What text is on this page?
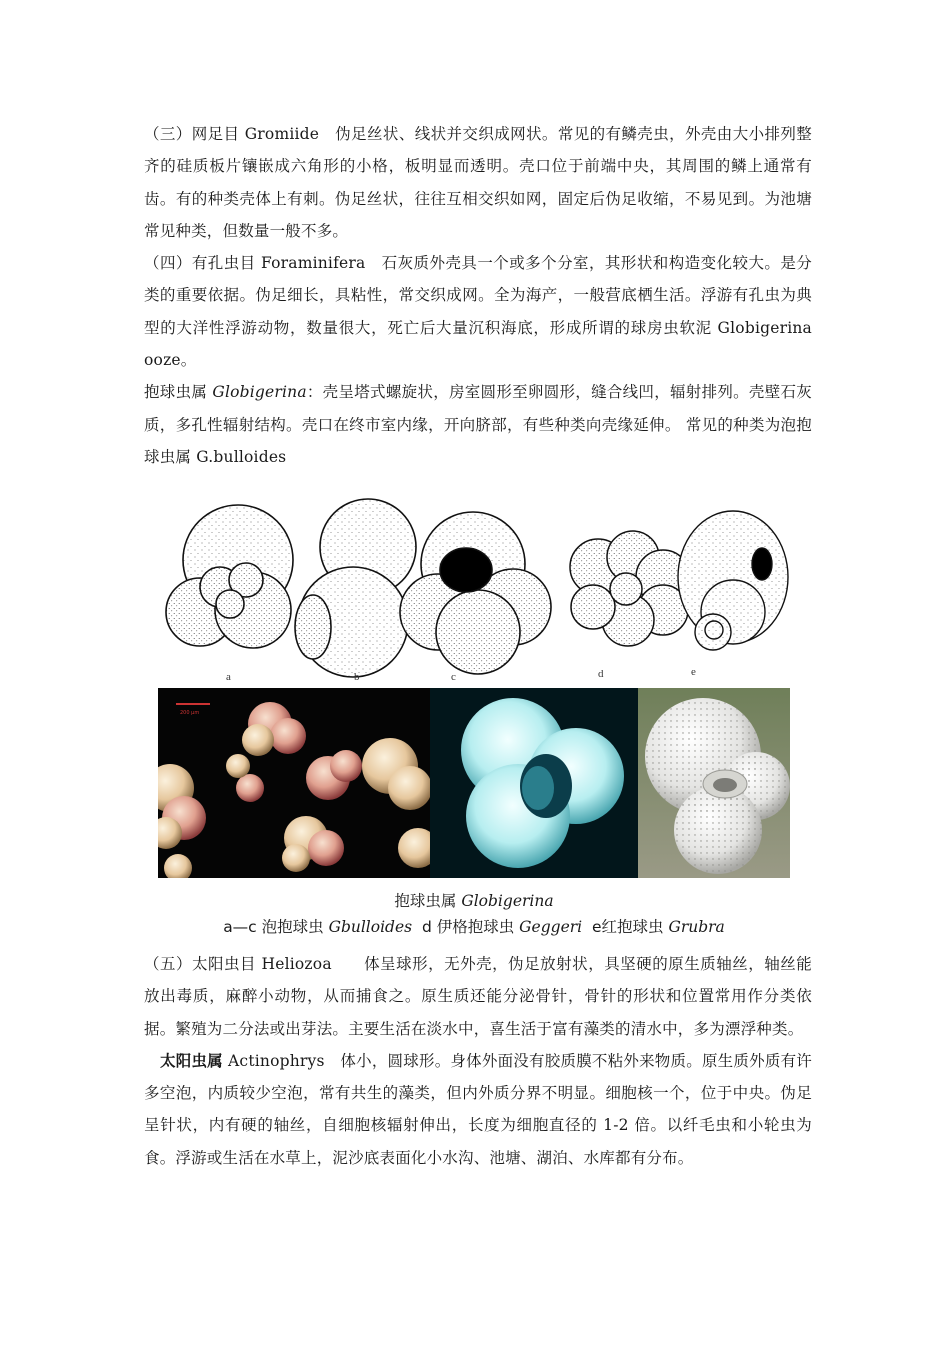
（三）网足目 Gromiide　伪足丝状、线状并交织成网状。常见的有鳞壳虫，外壳由大小排列整齐的硅质板片镶嵌成六角形的小格，板明显而透明。壳口位于前端中央，其周围的鳞上通常有齿。有的种类壳体上有刺。伪足丝状，往往互相交织如网，固定后伪足收缩，不易见到。为池塘常见种类，但数量一般不多。

（四）有孔虫目 Foraminifera　石灰质外壳具一个或多个分室，其形状和构造变化较大。是分类的重要依据。伪足细长，具粘性，常交织成网。全为海产，一般营底栖生活。浮游有孔虫为典型的大洋性浮游动物，数量很大，死亡后大量沉积海底，形成所谓的球房虫软泥 Globigerina ooze。

抱球虫属 Globigerina：壳呈塔式螺旋状，房室圆形至卵圆形，缝合线凹，辐射排列。壳壁石灰质，多孔性辐射结构。壳口在终市室内缘，开向脐部，有些种类向壳缘延伸。 常见的种类为泡抱球虫属 G.bulloides

a	b	c	d	e

200 µm
抱球虫属 Globigerina
a—c 泡抱球虫 Gbulloides  d 伊格抱球虫 Geggeri  e红抱球虫 Grubra

（五）太阳虫目 Heliozoa　　体呈球形，无外壳，伪足放射状，具坚硬的原生质轴丝，轴丝能放出毒质，麻醉小动物，从而捕食之。原生质还能分泌骨针，骨针的形状和位置常用作分类依据。繁殖为二分法或出芽法。主要生活在淡水中，喜生活于富有藻类的清水中，多为漂浮种类。

太阳虫属 Actinophrys　体小，圆球形。身体外面没有胶质膜不粘外来物质。原生质外质有许多空泡，内质较少空泡，常有共生的藻类，但内外质分界不明显。细胞核一个，位于中央。伪足呈针状，内有硬的轴丝，自细胞核辐射伸出，长度为细胞直径的 1-2 倍。以纤毛虫和小轮虫为食。浮游或生活在水草上，泥沙底表面化小水沟、池塘、湖泊、水库都有分布。
